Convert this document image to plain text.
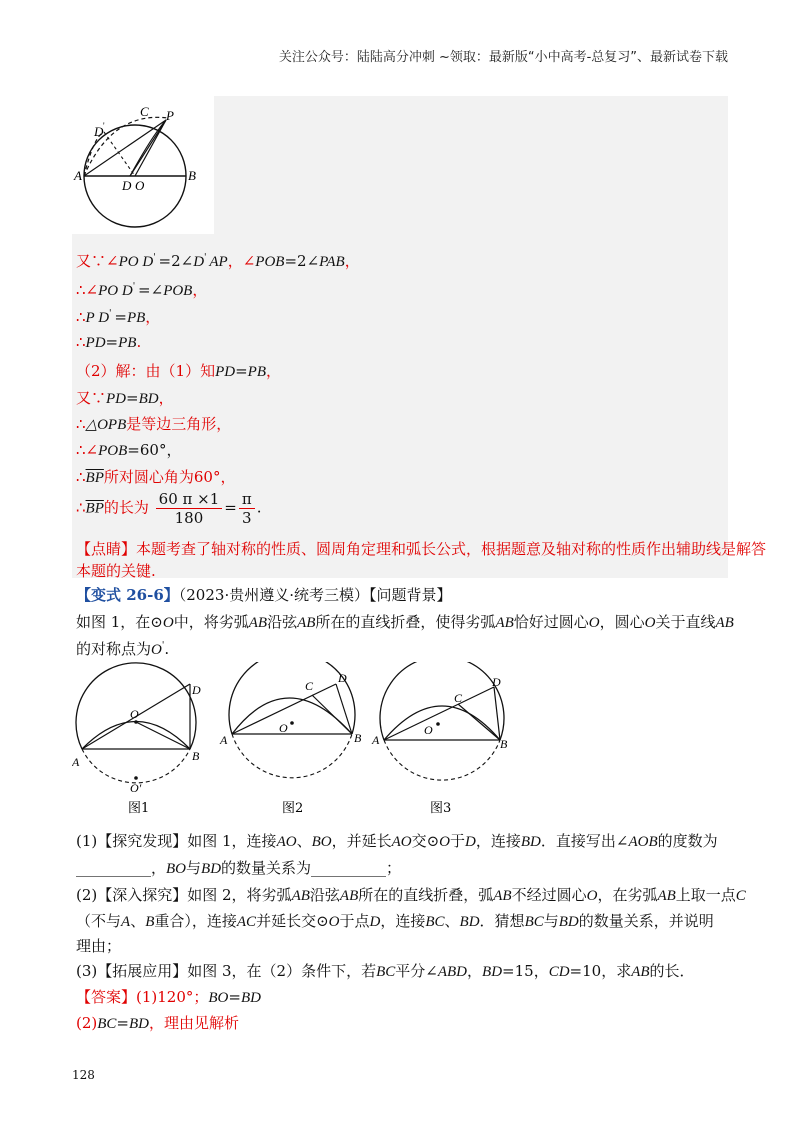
关注公众号：陆陆高分冲刺 ~领取：最新版“小中高考-总复习”、最新试卷下载
C P
D '
A
D O
B
又∵∠PO D' =2∠D' AP，∠POB=2∠PAB，
∴∠PO D' =∠POB，
∴P D' =PB，
∴PD=PB.
（2）解：由（1）知PD=PB，
又∵PD=BD，
∴△OPB是等边三角形，
∴∠POB=60°，
$\therefore\overline{BP}$所对圆心角为60°，
$\therefore\overline{BP}$的长为 $\frac{60 \pi \times 1}{180} = \frac{\pi}{3}$ .
【点睛】本题考查了轴对称的性质、圆周角定理和弧长公式，根据题意及轴对称的性质作出辅助线是解答
本题的关键.
【变式 26-6】（2023·贵州遵义·统考三模）【问题背景】
如图 1，在⊙O中，将劣弧AB沿弦AB所在的直线折叠，使得劣弧AB恰好过圆心O，圆心O关于直线AB
的对称点为O'.
A	B
D
O
O′
图1
A	B
C
D
O
图2
A	B
C
D
O
图3
(1)【探究发现】如图 1，连接AO、BO，并延长AO交⊙O于D，连接BD．直接写出∠AOB的度数为
__________，BO与BD的数量关系为__________；
(2)【深入探究】如图 2，将劣弧AB沿弦AB所在的直线折叠，弧AB不经过圆心O，在劣弧AB上取一点C
（不与A、B重合），连接AC并延长交⊙O于点D，连接BC、BD．猜想BC与BD的数量关系，并说明
理由；
(3)【拓展应用】如图 3，在（2）条件下，若BC平分∠ABD，BD=15，CD=10，求AB的长．
【答案】(1)120°；BO=BD
(2)BC=BD，理由见解析
128
